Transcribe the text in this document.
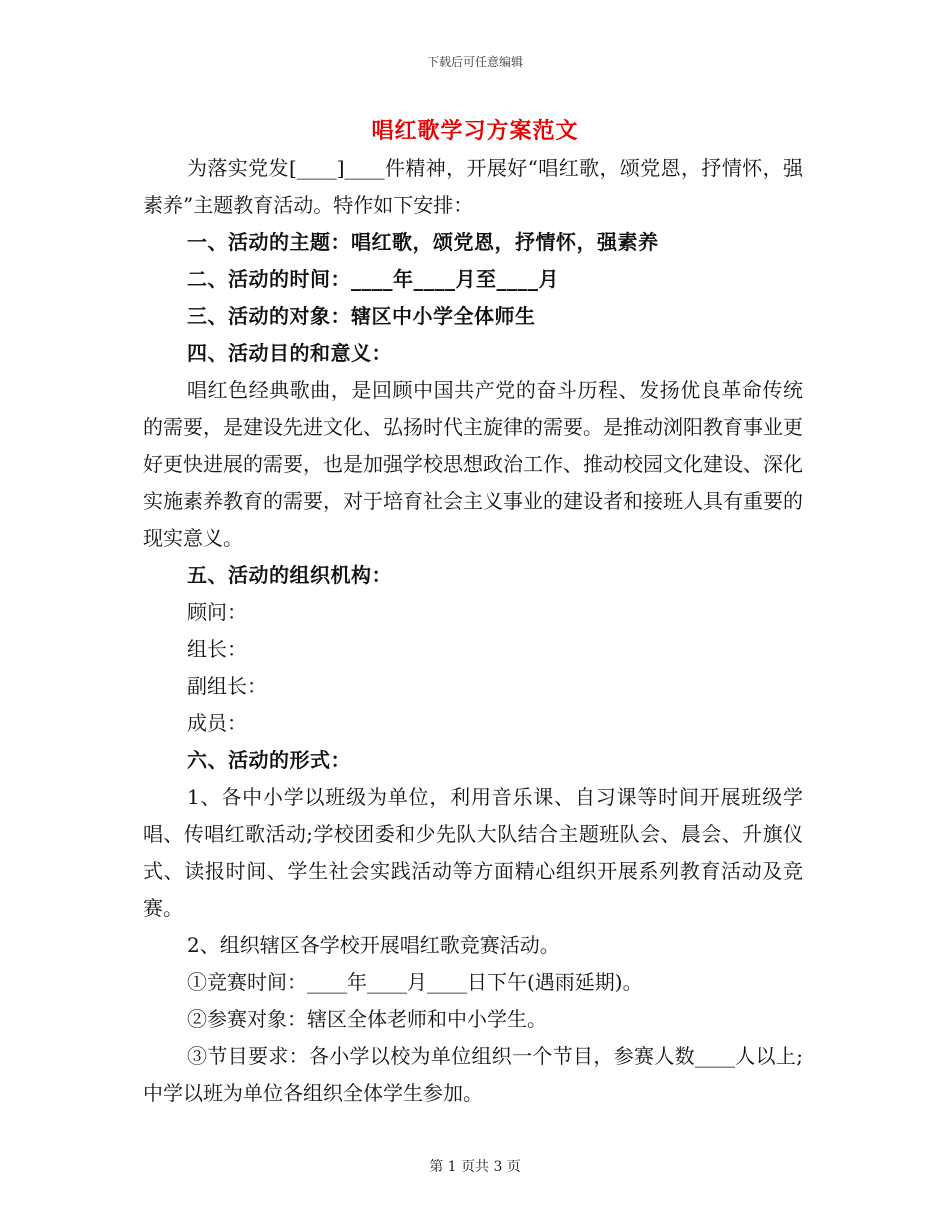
下载后可任意编辑
唱红歌学习方案范文

为落实党发[____]____件精神，开展好“唱红歌，颂党恩，抒情怀，强素养”主题教育活动。特作如下安排：

一、活动的主题：唱红歌，颂党恩，抒情怀，强素养

二、活动的时间：____年____月至____月

三、活动的对象：辖区中小学全体师生

四、活动目的和意义：

唱红色经典歌曲，是回顾中国共产党的奋斗历程、发扬优良革命传统的需要，是建设先进文化、弘扬时代主旋律的需要。是推动浏阳教育事业更好更快进展的需要，也是加强学校思想政治工作、推动校园文化建设、深化实施素养教育的需要，对于培育社会主义事业的建设者和接班人具有重要的现实意义。

五、活动的组织机构：

顾问：

组长：

副组长：

成员：

六、活动的形式：

1、各中小学以班级为单位，利用音乐课、自习课等时间开展班级学唱、传唱红歌活动;学校团委和少先队大队结合主题班队会、晨会、升旗仪式、读报时间、学生社会实践活动等方面精心组织开展系列教育活动及竞赛。

2、组织辖区各学校开展唱红歌竞赛活动。

①竞赛时间：____年____月____日下午(遇雨延期)。

②参赛对象：辖区全体老师和中小学生。

③节目要求：各小学以校为单位组织一个节目，参赛人数____人以上;中学以班为单位各组织全体学生参加。

第 1 页共 3 页
